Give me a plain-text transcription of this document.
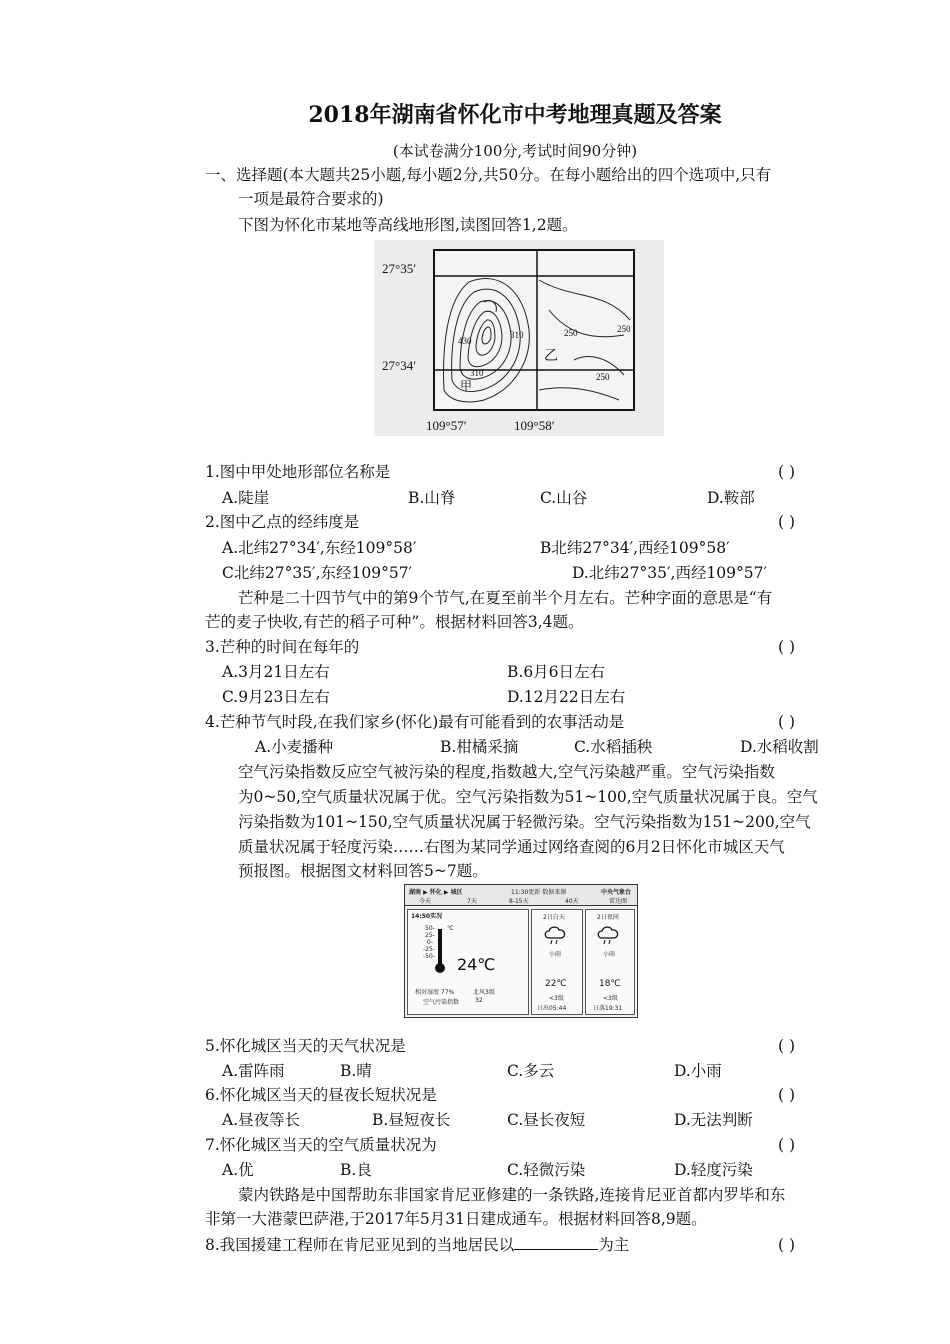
2018年湖南省怀化市中考地理真题及答案
(本试卷满分100分,考试时间90分钟)
一、选择题(本大题共25小题,每小题2分,共50分。在每小题给出的四个选项中,只有
一项是最符合要求的)
下图为怀化市某地等高线地形图,读图回答1,2题。
430
310	250	250
250
310
乙
甲
27°35′
27°34′
109°57′	109°58′
1.图中甲处地形部位名称是	( )
A.陡崖	B.山脊	C.山谷	D.鞍部
2.图中乙点的经纬度是	( )
A.北纬27°34′,东经109°58′	B北纬27°34′,西经109°58′
C北纬27°35′,东经109°57′	D.北纬27°35′,西经109°57′
芒种是二十四节气中的第9个节气,在夏至前半个月左右。芒种字面的意思是“有
芒的麦子快收,有芒的稻子可种”。根据材料回答3,4题。
3.芒种的时间在每年的	( )
A.3月21日左右	B.6月6日左右
C.9月23日左右	D.12月22日左右
4.芒种节气时段,在我们家乡(怀化)最有可能看到的农事活动是	( )
A.小麦播种	B.柑橘采摘	C.水稻插秧	D.水稻收割
空气污染指数反应空气被污染的程度,指数越大,空气污染越严重。空气污染指数
为0~50,空气质量状况属于优。空气污染指数为51~100,空气质量状况属于良。空气
污染指数为101~150,空气质量状况属于轻微污染。空气污染指数为151~200,空气
质量状况属于轻度污染……右图为某同学通过网络查阅的6月2日怀化市城区天气
预报图。根据图文材料回答5~7题。
湖南 ▶ 怀化 ▶ 城区	11:30更新 数据来源	中央气象台
今天	7天	8-15天	40天	雷达图
14:50实况
50-
25-
0-
-25-
-50-
℃
24℃
相对湿度 77%	北风3级
空气污染指数	32
2日白天
小雨
22℃
<3级
日出05:44
2日夜间
小雨
18℃
<3级
日落19:31
5.怀化城区当天的天气状况是	( )
A.雷阵雨	B.晴	C.多云	D.小雨
6.怀化城区当天的昼夜长短状况是	( )
A.昼夜等长	B.昼短夜长	C.昼长夜短	D.无法判断
7.怀化城区当天的空气质量状况为	( )
A.优	B.良	C.轻微污染	D.轻度污染
蒙内铁路是中国帮助东非国家肯尼亚修建的一条铁路,连接肯尼亚首都内罗毕和东
非第一大港蒙巴萨港,于2017年5月31日建成通车。根据材料回答8,9题。
8.我国援建工程师在肯尼亚见到的当地居民以	为主	( )
